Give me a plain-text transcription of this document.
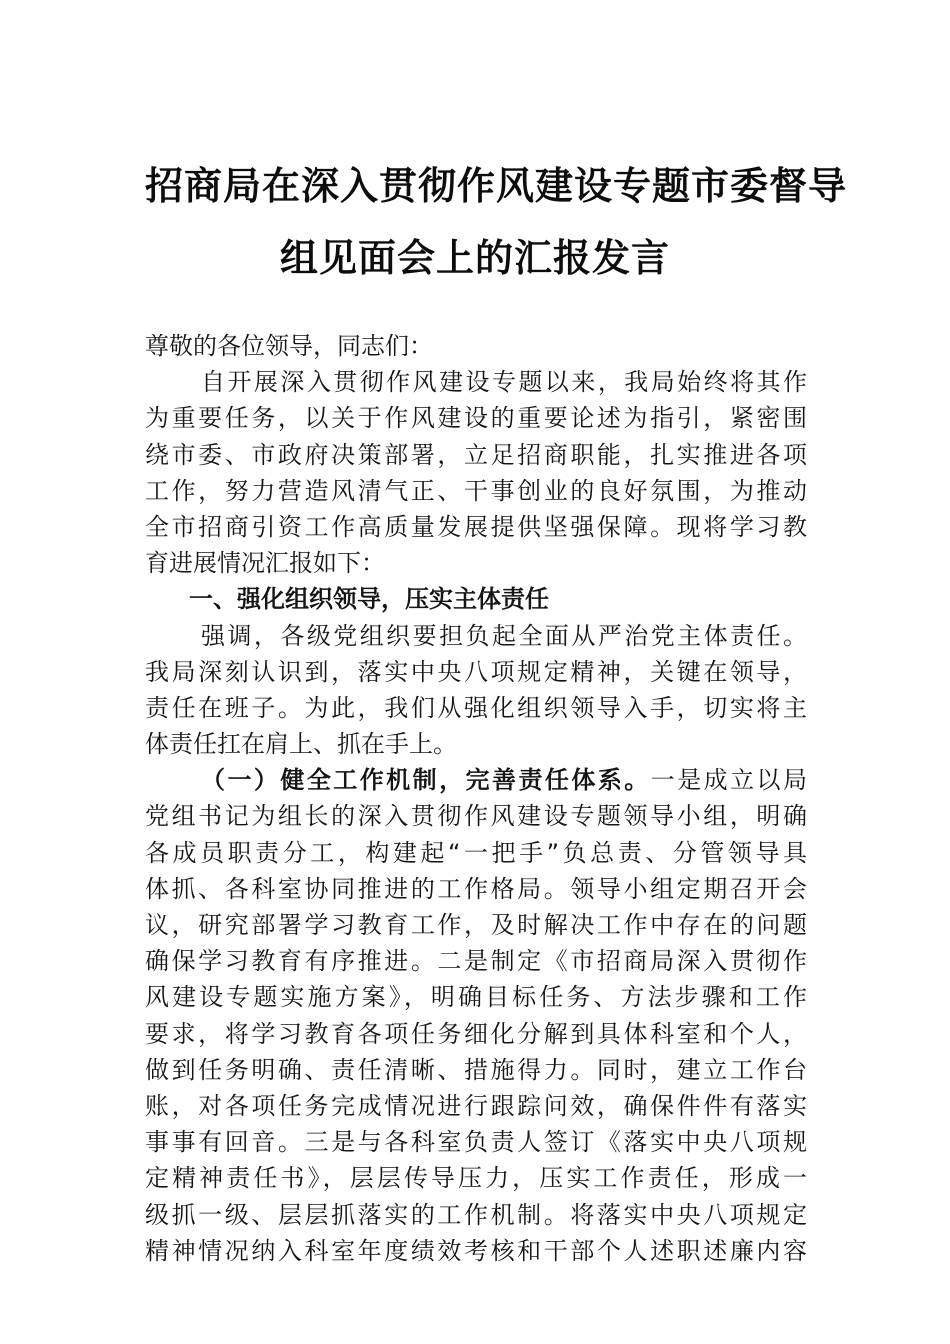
招商局在深入贯彻作风建设专题市委督导
组见面会上的汇报发言
尊敬的各位领导，同志们：
自开展深入贯彻作风建设专题以来，我局始终将其作
为重要任务，以关于作风建设的重要论述为指引，紧密围
绕市委、市政府决策部署，立足招商职能，扎实推进各项
工作，努力营造风清气正、干事创业的良好氛围，为推动
全市招商引资工作高质量发展提供坚强保障。现将学习教
育进展情况汇报如下：
一、强化组织领导，压实主体责任
强调，各级党组织要担负起全面从严治党主体责任。
我局深刻认识到，落实中央八项规定精神，关键在领导，
责任在班子。为此，我们从强化组织领导入手，切实将主
体责任扛在肩上、抓在手上。
（一）健全工作机制，完善责任体系。一是成立以局
党组书记为组长的深入贯彻作风建设专题领导小组，明确
各成员职责分工，构建起“一把手”负总责、分管领导具
体抓、各科室协同推进的工作格局。领导小组定期召开会
议，研究部署学习教育工作，及时解决工作中存在的问题
确保学习教育有序推进。二是制定《市招商局深入贯彻作
风建设专题实施方案》，明确目标任务、方法步骤和工作
要求，将学习教育各项任务细化分解到具体科室和个人，
做到任务明确、责任清晰、措施得力。同时，建立工作台
账，对各项任务完成情况进行跟踪问效，确保件件有落实
事事有回音。三是与各科室负责人签订《落实中央八项规
定精神责任书》，层层传导压力，压实工作责任，形成一
级抓一级、层层抓落实的工作机制。将落实中央八项规定
精神情况纳入科室年度绩效考核和干部个人述职述廉内容
